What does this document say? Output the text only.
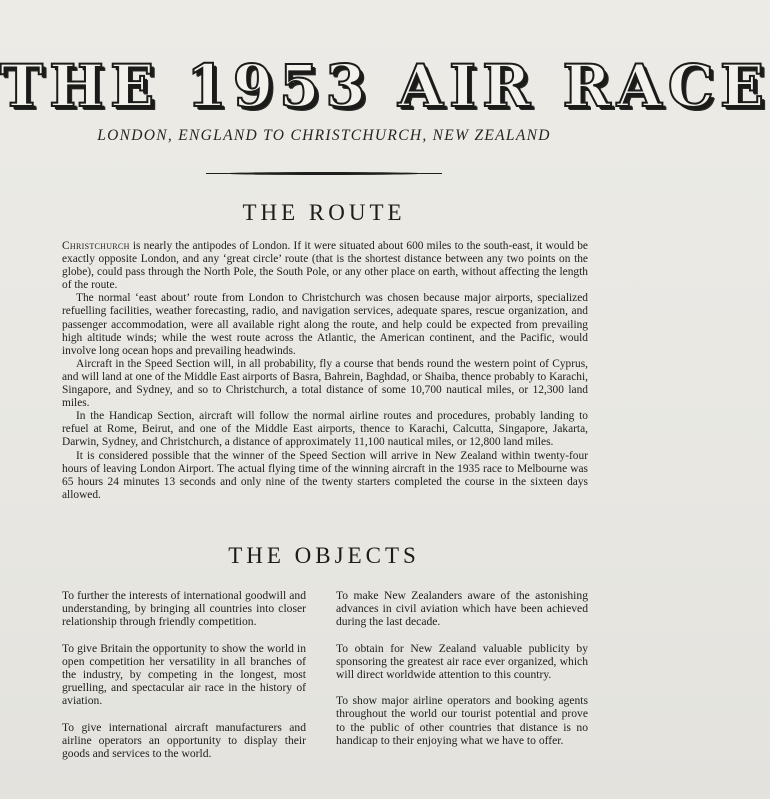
THE 1953 AIR RACE
LONDON, ENGLAND TO CHRISTCHURCH, NEW ZEALAND
THE ROUTE

Christchurch is nearly the antipodes of London. If it were situated about 600 miles to the south-east, it would be exactly opposite London, and any ‘great circle’ route (that is the shortest distance between any two points on the globe), could pass through the North Pole, the South Pole, or any other place on earth, without affecting the length of the route.

The normal ‘east about’ route from London to Christchurch was chosen because major airports, specialized refuelling facilities, weather forecasting, radio, and navigation services, adequate spares, rescue organization, and passenger accommodation, were all available right along the route, and help could be expected from prevailing high altitude winds; while the west route across the Atlantic, the American continent, and the Pacific, would involve long ocean hops and prevailing headwinds.

Aircraft in the Speed Section will, in all probability, fly a course that bends round the western point of Cyprus, and will land at one of the Middle East airports of Basra, Bahrein, Baghdad, or Shaiba, thence probably to Karachi, Singapore, and Sydney, and so to Christchurch, a total distance of some 10,700 nautical miles, or 12,300 land miles.

In the Handicap Section, aircraft will follow the normal airline routes and procedures, probably landing to refuel at Rome, Beirut, and one of the Middle East airports, thence to Karachi, Calcutta, Singapore, Jakarta, Darwin, Sydney, and Christchurch, a distance of approximately 11,100 nautical miles, or 12,800 land miles.

It is considered possible that the winner of the Speed Section will arrive in New Zealand within twenty-four hours of leaving London Airport. The actual flying time of the winning aircraft in the 1935 race to Melbourne was 65 hours 24 minutes 13 seconds and only nine of the twenty starters completed the course in the sixteen days allowed.

THE OBJECTS

To further the interests of international goodwill and understanding, by bringing all countries into closer relationship through friendly competition.

To give Britain the opportunity to show the world in open competition her versatility in all branches of the industry, by competing in the longest, most gruelling, and spectacular air race in the history of aviation.

To give international aircraft manufacturers and airline operators an opportunity to display their goods and services to the world.

To make New Zealanders aware of the astonishing advances in civil aviation which have been achieved during the last decade.

To obtain for New Zealand valuable publicity by sponsoring the greatest air race ever organized, which will direct worldwide attention to this country.

To show major airline operators and booking agents throughout the world our tourist potential and prove to the public of other countries that distance is no handicap to their enjoying what we have to offer.
